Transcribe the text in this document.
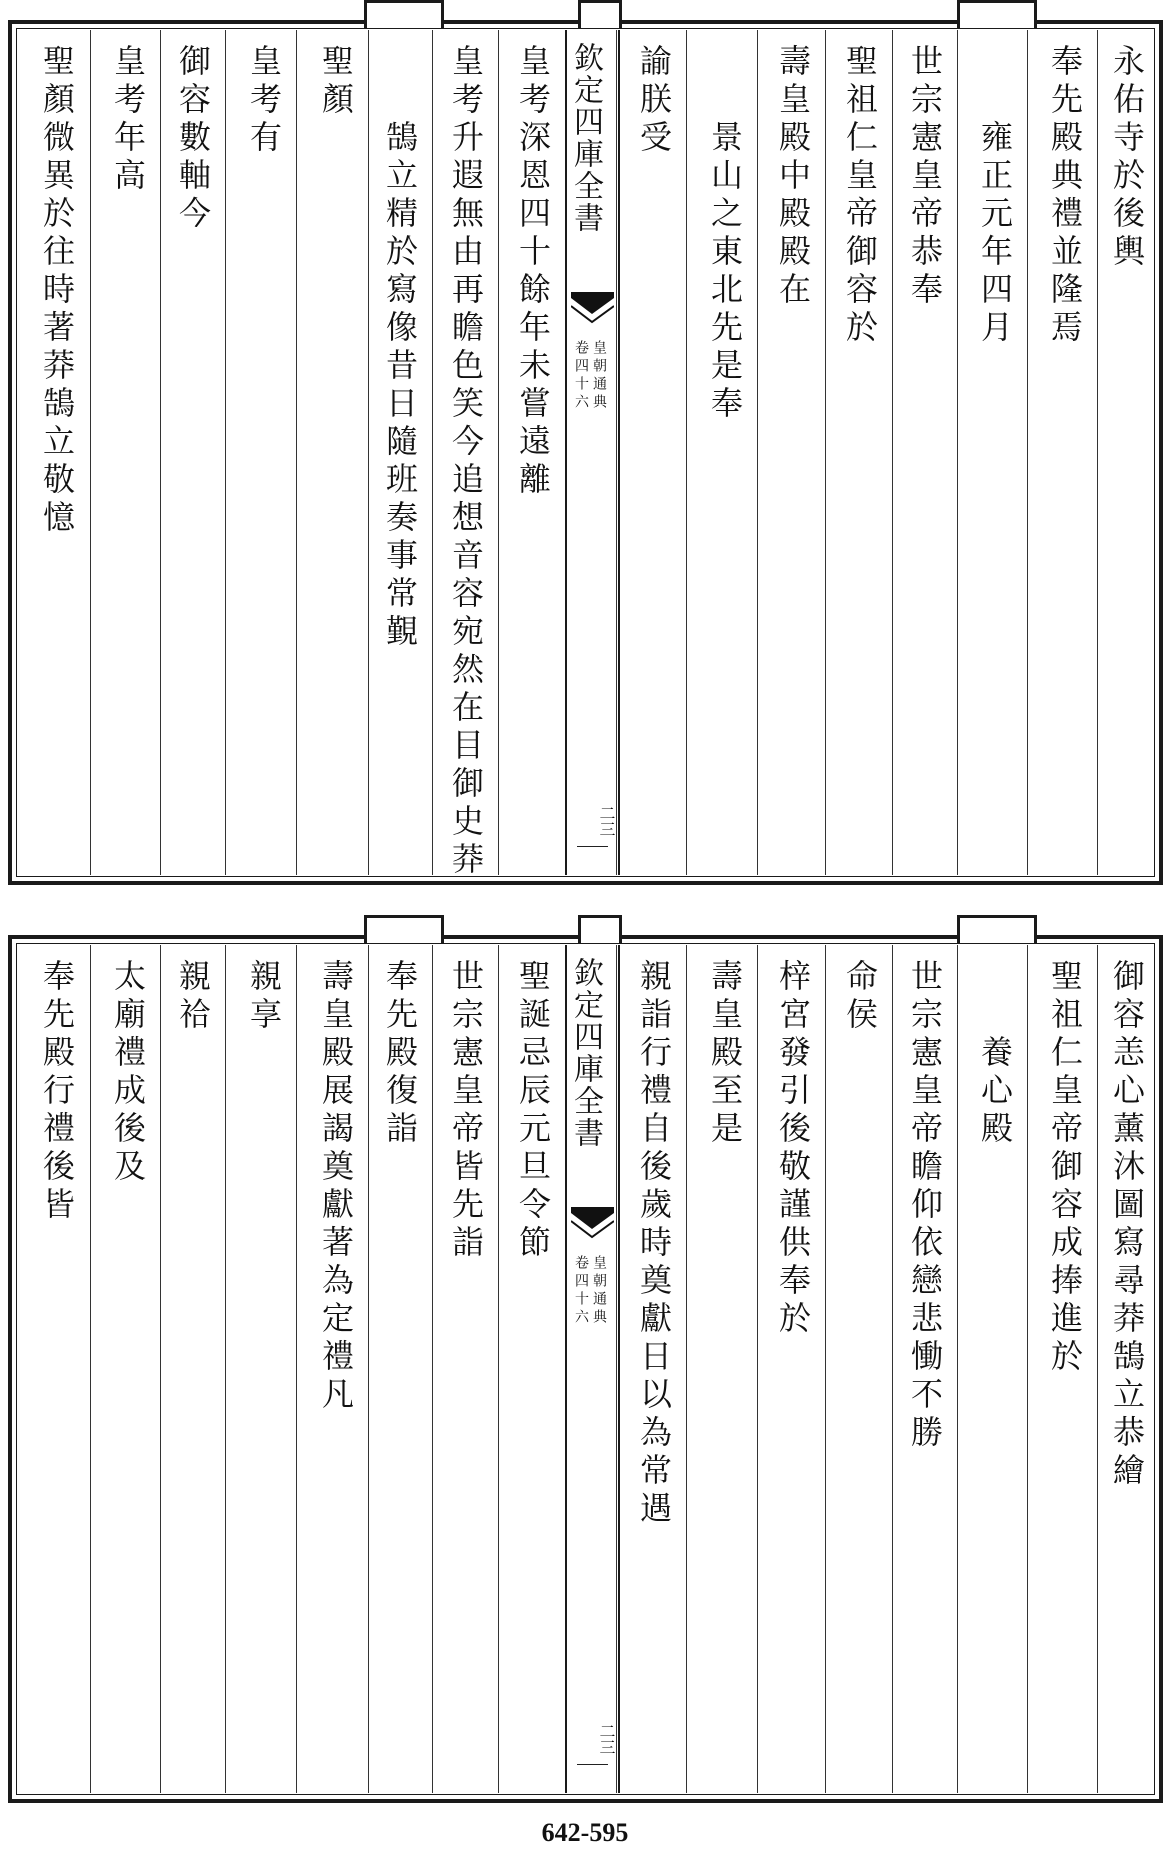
永佑寺於後輿
奉先殿典禮並隆焉
雍正元年四月
世宗憲皇帝恭奉
聖祖仁皇帝御容於
壽皇殿中殿殿在
景山之東北先是奉
諭朕受
欽定四庫全書
皇朝通典
卷四十六
二三
皇考深恩四十餘年未嘗遠離
皇考升遐無由再瞻色笑今追想音容宛然在目御史莽
鵠立精於寫像昔日隨班奏事常覲
聖顏
皇考有
御容數軸今
皇考年高
聖顏微異於往時著莽鵠立敬憶
御容恙心薰沐圖寫尋莽鵠立恭繪
聖祖仁皇帝御容成捧進於
養心殿
世宗憲皇帝瞻仰依戀悲慟不勝
命侯
梓宮發引後敬謹供奉於
壽皇殿至是
親詣行禮自後歲時奠獻日以為常遇
欽定四庫全書
皇朝通典
卷四十六
二三
聖誕忌辰元旦令節
世宗憲皇帝皆先詣
奉先殿復詣
壽皇殿展謁奠獻著為定禮凡
親享
親祫
太廟禮成後及
奉先殿行禮後皆
642-595
